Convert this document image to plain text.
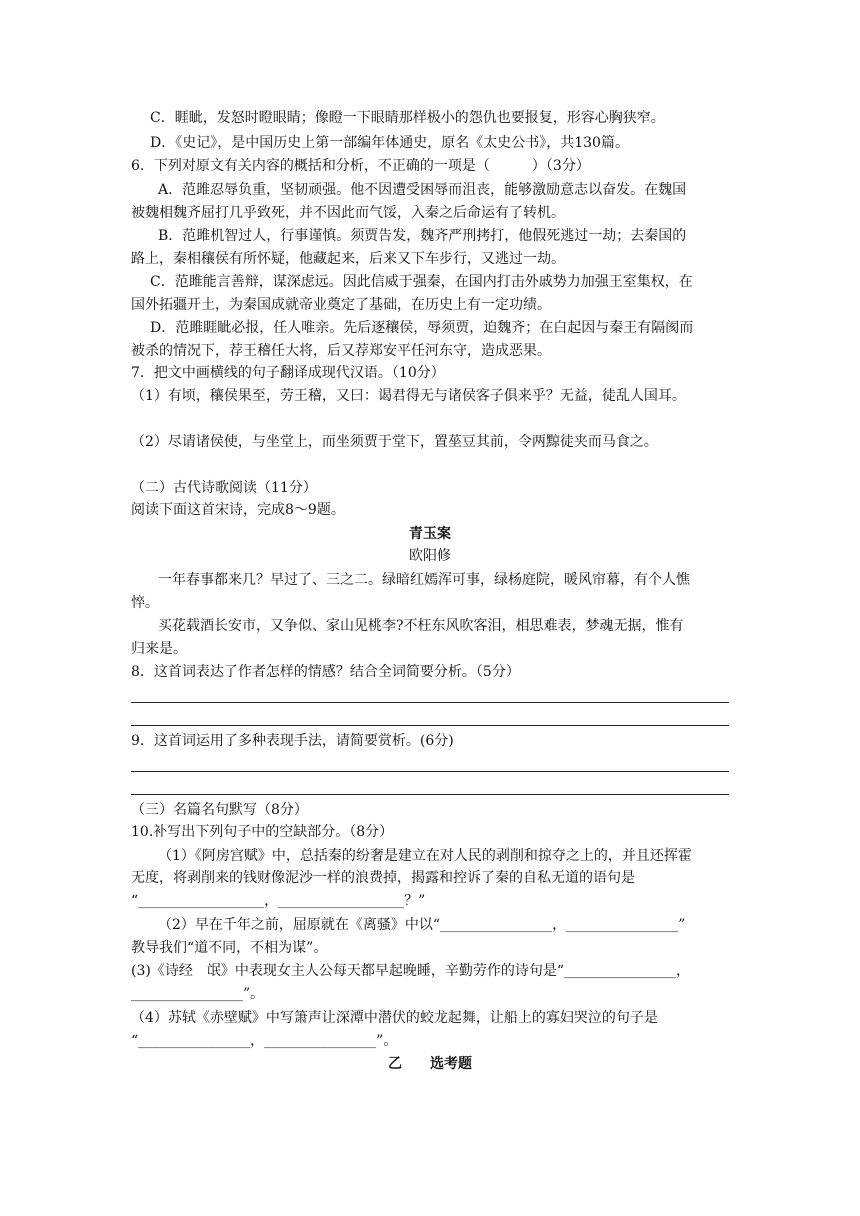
C．睚眦，发怒时瞪眼睛；像瞪一下眼睛那样极小的怨仇也要报复，形容心胸狭窄。
D．《史记》，是中国历史上第一部编年体通史，原名《太史公书》，共130篇。
6．下列对原文有关内容的概括和分析，不正确的一项是（　　　）（3分）
A．范雎忍辱负重，坚韧顽强。他不因遭受困辱而沮丧，能够激励意志以奋发。在魏国
被魏相魏齐屈打几乎致死，并不因此而气馁，入秦之后命运有了转机。
B．范雎机智过人，行事谨慎。须贾告发，魏齐严刑拷打，他假死逃过一劫；去秦国的
路上，秦相穰侯有所怀疑，他藏起来，后来又下车步行，又逃过一劫。
C．范雎能言善辩，谋深虑远。因此信威于强秦，在国内打击外戚势力加强王室集权，在
国外拓疆开土，为秦国成就帝业奠定了基础，在历史上有一定功绩。
D．范雎睚眦必报，任人唯亲。先后逐穰侯，辱须贾，迫魏齐；在白起因与秦王有隔阂而
被杀的情况下，荐王稽任大将，后又荐郑安平任河东守，造成恶果。
7．把文中画横线的句子翻译成现代汉语。（10分）
（1）有顷，穰侯果至，劳王稽，又曰：谒君得无与诸侯客子俱来乎？无益，徒乱人国耳。
（2）尽请诸侯使，与坐堂上，而坐须贾于堂下，置莝豆其前，令两黥徒夹而马食之。
（二）古代诗歌阅读（11分）
阅读下面这首宋诗，完成8～9题。
青玉案
欧阳修
一年春事都来几？早过了、三之二。绿暗红嫣浑可事，绿杨庭院，暖风帘幕，有个人憔
悴。
买花载酒长安市，又争似、家山见桃李?不枉东风吹客泪，相思难表，梦魂无据，惟有
归来是。
8．这首词表达了作者怎样的情感？结合全词简要分析。（5分）
9．这首词运用了多种表现手法，请简要赏析。(6分)
（三）名篇名句默写（8分）
10.补写出下列句子中的空缺部分。（8分）
（1）《阿房宫赋》中，总括秦的纷奢是建立在对人民的剥削和掠夺之上的，并且还挥霍
无度，将剥削来的钱财像泥沙一样的浪费掉，揭露和控诉了秦的自私无道的语句是
“__________________，__________________？”
（2）早在千年之前，屈原就在《离骚》中以“________________，________________”
教导我们“道不同，不相为谋”。
(3)《诗经　氓》中表现女主人公每天都早起晚睡，辛勤劳作的诗句是“________________，
________________”。
（4）苏轼《赤壁赋》中写箫声让深潭中潜伏的蛟龙起舞，让船上的寡妇哭泣的句子是
“________________，________________”。
乙　　选考题
